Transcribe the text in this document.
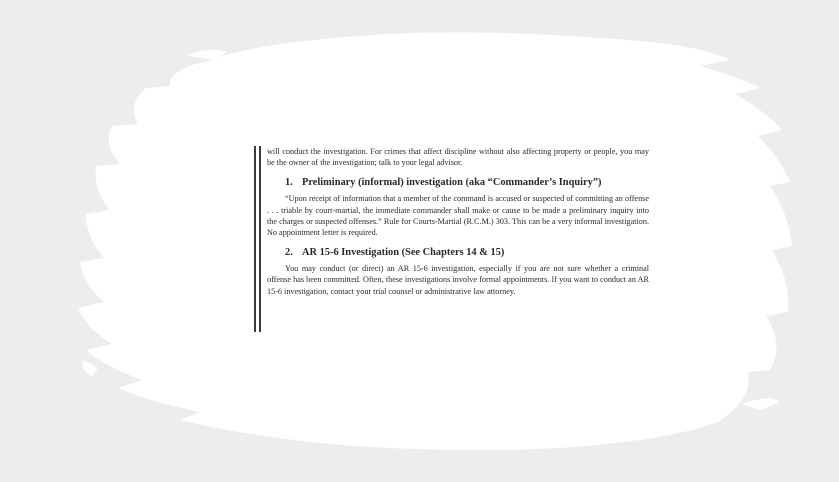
will conduct the investigation. For crimes that affect discipline without also affecting property or people, you may be the owner of the investigation; talk to your legal advisor.

1. Preliminary (informal) investigation (aka “Commander’s Inquiry”)

“Upon receipt of information that a member of the command is accused or suspected of committing an offense . . . triable by court-martial, the immediate commander shall make or cause to be made a preliminary inquiry into the charges or suspected offenses.” Rule for Courts-Martial (R.C.M.) 303. This can be a very informal investigation. No appointment letter is required.

2. AR 15-6 Investigation (See Chapters 14 & 15)

You may conduct (or direct) an AR 15-6 investigation, especially if you are not sure whether a criminal offense has been committed. Often, these investigations involve formal appointments. If you want to conduct an AR 15-6 investigation, contact your trial counsel or administrative law attorney.
